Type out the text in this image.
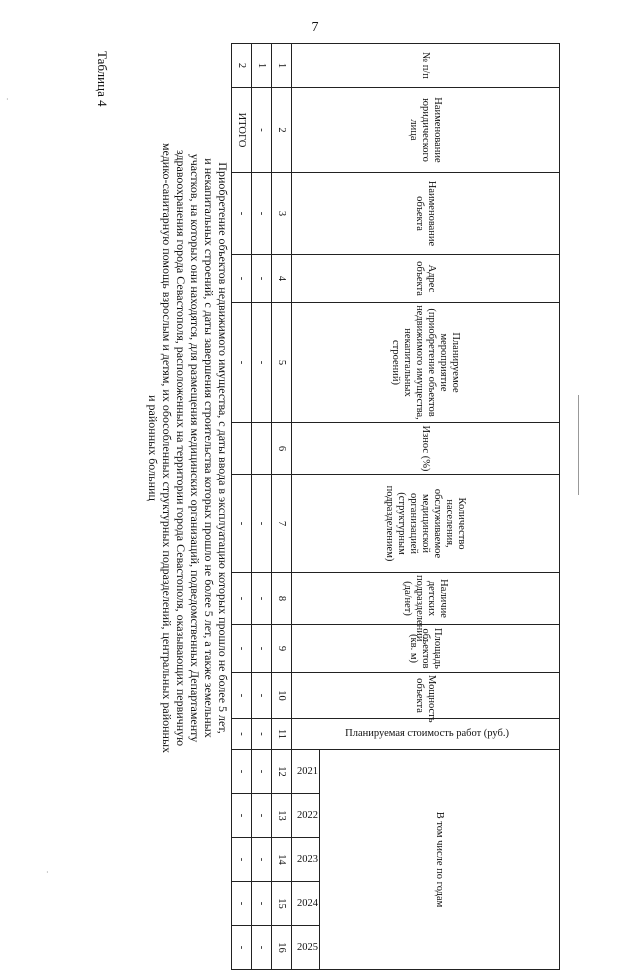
7
·
·
№ п/п	Наименование юридического лица	Наименование объекта	Адрес объекта	Планируемое мероприятие (приобретение объектов недвижимого имущества, некапитальных строений)	Износ (%)	Количество населения, обслуживаемое медицинской организацией (структурным подразделением)	Наличие детских подразделений (да/нет)	Площадь объектов (кв. м)	Мощность объекта	Планируемая стоимость работ (руб.)	В том числе по годам				
											2021	2022	2023	2024	2025
1	2	3	4	5	6	7	8	9	10	11	12	13	14	15	16
1	-	-	-	-		-	-	-	-	-	-	-	-	-	-
2	ИТОГО	-	-	-		-	-	-	-	-	-	-	-	-	-
Приобретение объектов недвижимого имущества, с даты ввода в эксплуатацию которых прошло не более 5 лет,
и некапитальных строений, с даты завершения строительства которых прошло не более 5 лет, а также земельных
участков, на которых они находятся, для размещения медицинских организаций, подведомственных Департаменту
здравоохранения города Севастополя, расположенных на территории города Севастополя, оказывающих первичную
медико-санитарную помощь взрослым и детям, их обособленных структурных подразделений, центральных районных
и районных больниц
Таблица 4
